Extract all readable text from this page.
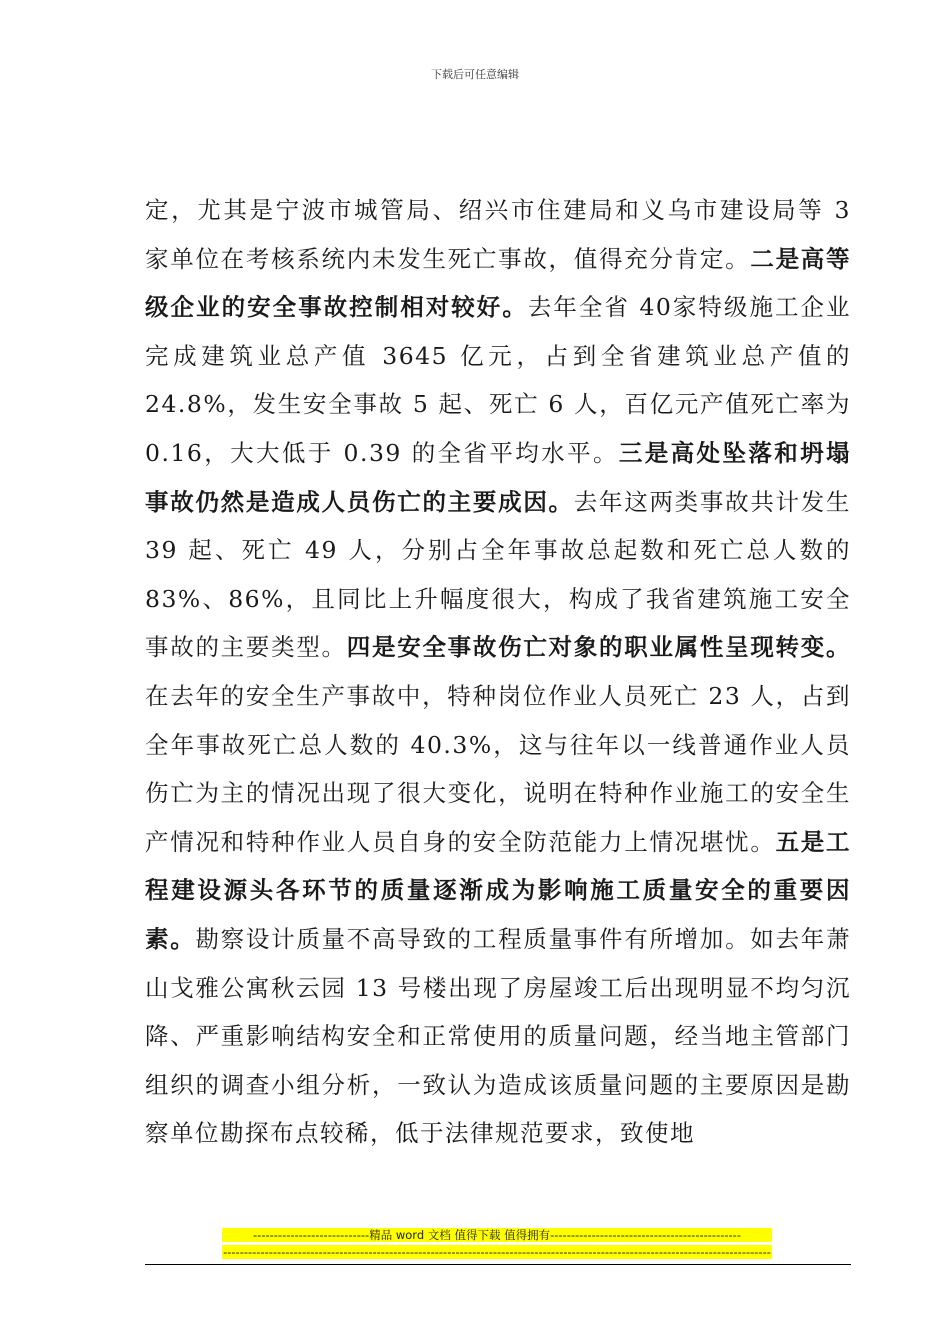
下载后可任意编辑
定，尤其是宁波市城管局、绍兴市住建局和义乌市建设局等 3 家单位在考核系统内未发生死亡事故，值得充分肯定。二是高等级企业的安全事故控制相对较好。去年全省 40家特级施工企业完成建筑业总产值 3645 亿元，占到全省建筑业总产值的 24.8%，发生安全事故 5 起、死亡 6 人，百亿元产值死亡率为 0.16，大大低于 0.39 的全省平均水平。三是高处坠落和坍塌事故仍然是造成人员伤亡的主要成因。去年这两类事故共计发生 39 起、死亡 49 人，分别占全年事故总起数和死亡总人数的 83%、86%，且同比上升幅度很大，构成了我省建筑施工安全事故的主要类型。四是安全事故伤亡对象的职业属性呈现转变。在去年的安全生产事故中，特种岗位作业人员死亡 23 人，占到全年事故死亡总人数的 40.3%，这与往年以一线普通作业人员伤亡为主的情况出现了很大变化，说明在特种作业施工的安全生产情况和特种作业人员自身的安全防范能力上情况堪忧。五是工程建设源头各环节的质量逐渐成为影响施工质量安全的重要因素。勘察设计质量不高导致的工程质量事件有所增加。如去年萧山戈雅公寓秋云园 13 号楼出现了房屋竣工后出现明显不均匀沉降、严重影响结构安全和正常使用的质量问题，经当地主管部门组织的调查小组分析，一致认为造成该质量问题的主要原因是勘察单位勘探布点较稀，低于法律规范要求，致使地
----------------------------精品 word 文档 值得下载 值得拥有----------------------------------------------
------------------------------------------------------------------------------------------------------------------------------------
